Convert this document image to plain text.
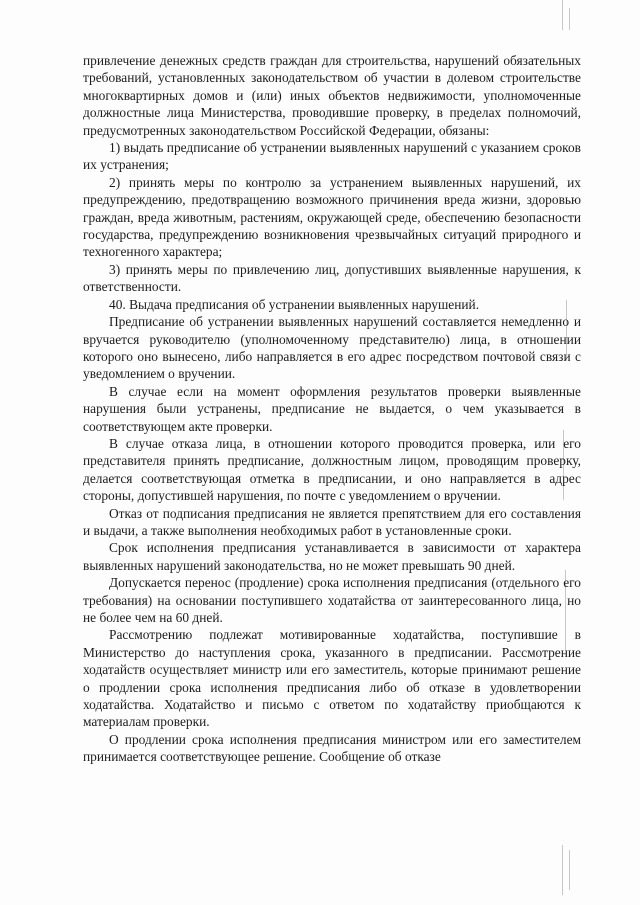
привлечение денежных средств граждан для строительства, нарушений обязательных требований, установленных законодательством об участии в долевом строительстве многоквартирных домов и (или) иных объектов недвижимости, уполномоченные должностные лица Министерства, проводившие проверку, в пределах полномочий, предусмотренных законодательством Российской Федерации, обязаны:

1) выдать предписание об устранении выявленных нарушений с указанием сроков их устранения;

2) принять меры по контролю за устранением выявленных нарушений, их предупреждению, предотвращению возможного причинения вреда жизни, здоровью граждан, вреда животным, растениям, окружающей среде, обеспечению безопасности государства, предупреждению возникновения чрезвычайных ситуаций природного и техногенного характера;

3) принять меры по привлечению лиц, допустивших выявленные нарушения, к ответственности.

40. Выдача предписания об устранении выявленных нарушений.

Предписание об устранении выявленных нарушений составляется немедленно и вручается руководителю (уполномоченному представителю) лица, в отношении которого оно вынесено, либо направляется в его адрес посредством почтовой связи с уведомлением о вручении.

В случае если на момент оформления результатов проверки выявленные нарушения были устранены, предписание не выдается, о чем указывается в соответствующем акте проверки.

В случае отказа лица, в отношении которого проводится проверка, или его представителя принять предписание, должностным лицом, проводящим проверку, делается соответствующая отметка в предписании, и оно направляется в адрес стороны, допустившей нарушения, по почте с уведомлением о вручении.

Отказ от подписания предписания не является препятствием для его составления и выдачи, а также выполнения необходимых работ в установленные сроки.

Срок исполнения предписания устанавливается в зависимости от характера выявленных нарушений законодательства, но не может превышать 90 дней.

Допускается перенос (продление) срока исполнения предписания (отдельного его требования) на основании поступившего ходатайства от заинтересованного лица, но не более чем на 60 дней.

Рассмотрению подлежат мотивированные ходатайства, поступившие в Министерство до наступления срока, указанного в предписании. Рассмотрение ходатайств осуществляет министр или его заместитель, которые принимают решение о продлении срока исполнения предписания либо об отказе в удовлетворении ходатайства. Ходатайство и письмо с ответом по ходатайству приобщаются к материалам проверки.

О продлении срока исполнения предписания министром или его заместителем принимается соответствующее решение. Сообщение об отказе
